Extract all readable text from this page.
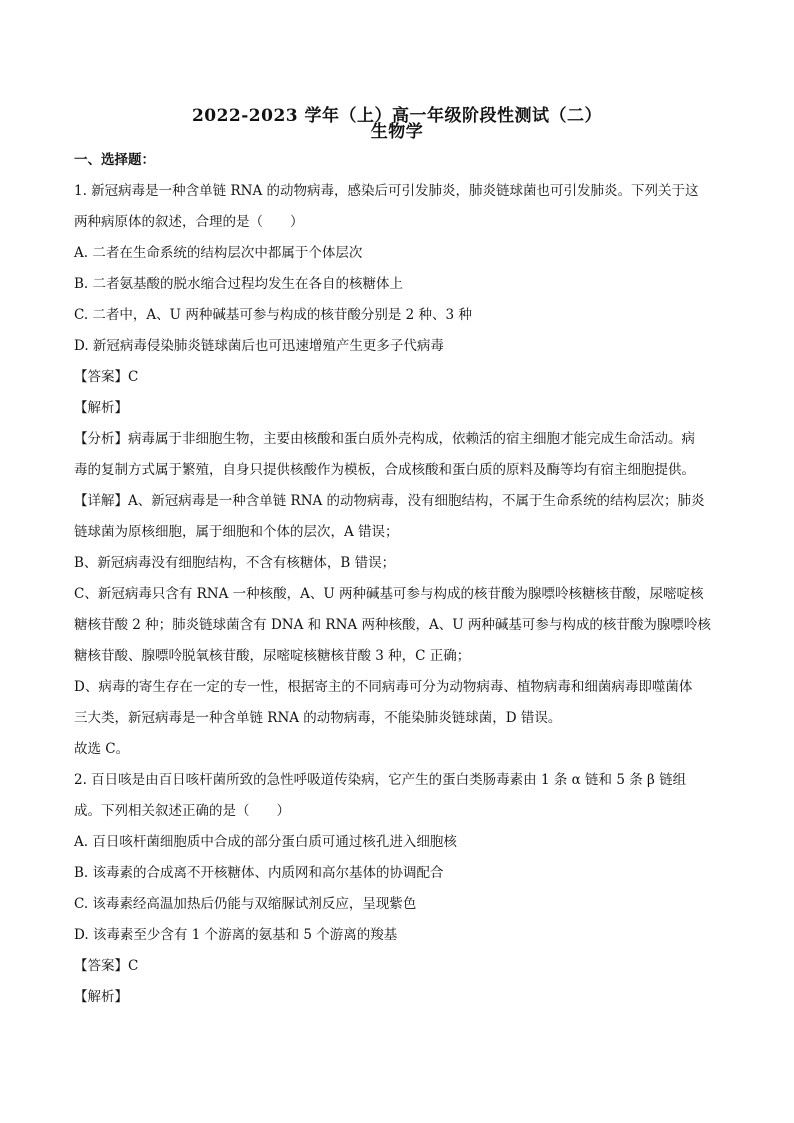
2022-2023 学年（上）高一年级阶段性测试（二）
生物学
一、选择题：
1. 新冠病毒是一种含单链 RNA 的动物病毒，感染后可引发肺炎，肺炎链球菌也可引发肺炎。下列关于这
两种病原体的叙述，合理的是（　　）
A. 二者在生命系统的结构层次中都属于个体层次
B. 二者氨基酸的脱水缩合过程均发生在各自的核糖体上
C. 二者中，A、U 两种碱基可参与构成的核苷酸分别是 2 种、3 种
D. 新冠病毒侵染肺炎链球菌后也可迅速增殖产生更多子代病毒
【答案】C
【解析】
【分析】病毒属于非细胞生物，主要由核酸和蛋白质外壳构成，依赖活的宿主细胞才能完成生命活动。病
毒的复制方式属于繁殖，自身只提供核酸作为模板，合成核酸和蛋白质的原料及酶等均有宿主细胞提供。
【详解】A、新冠病毒是一种含单链 RNA 的动物病毒，没有细胞结构，不属于生命系统的结构层次；肺炎
链球菌为原核细胞，属于细胞和个体的层次，A 错误；
B、新冠病毒没有细胞结构，不含有核糖体，B 错误；
C、新冠病毒只含有 RNA 一种核酸，A、U 两种碱基可参与构成的核苷酸为腺嘌呤核糖核苷酸，尿嘧啶核
糖核苷酸 2 种；肺炎链球菌含有 DNA 和 RNA 两种核酸，A、U 两种碱基可参与构成的核苷酸为腺嘌呤核
糖核苷酸、腺嘌呤脱氧核苷酸，尿嘧啶核糖核苷酸 3 种，C 正确；
D、病毒的寄生存在一定的专一性，根据寄主的不同病毒可分为动物病毒、植物病毒和细菌病毒即噬菌体
三大类，新冠病毒是一种含单链 RNA 的动物病毒，不能染肺炎链球菌，D 错误。
故选 C。
2. 百日咳是由百日咳杆菌所致的急性呼吸道传染病，它产生的蛋白类肠毒素由 1 条 α 链和 5 条 β 链组
成。下列相关叙述正确的是（　　）
A. 百日咳杆菌细胞质中合成的部分蛋白质可通过核孔进入细胞核
B. 该毒素的合成离不开核糖体、内质网和高尔基体的协调配合
C. 该毒素经高温加热后仍能与双缩脲试剂反应，呈现紫色
D. 该毒素至少含有 1 个游离的氨基和 5 个游离的羧基
【答案】C
【解析】
